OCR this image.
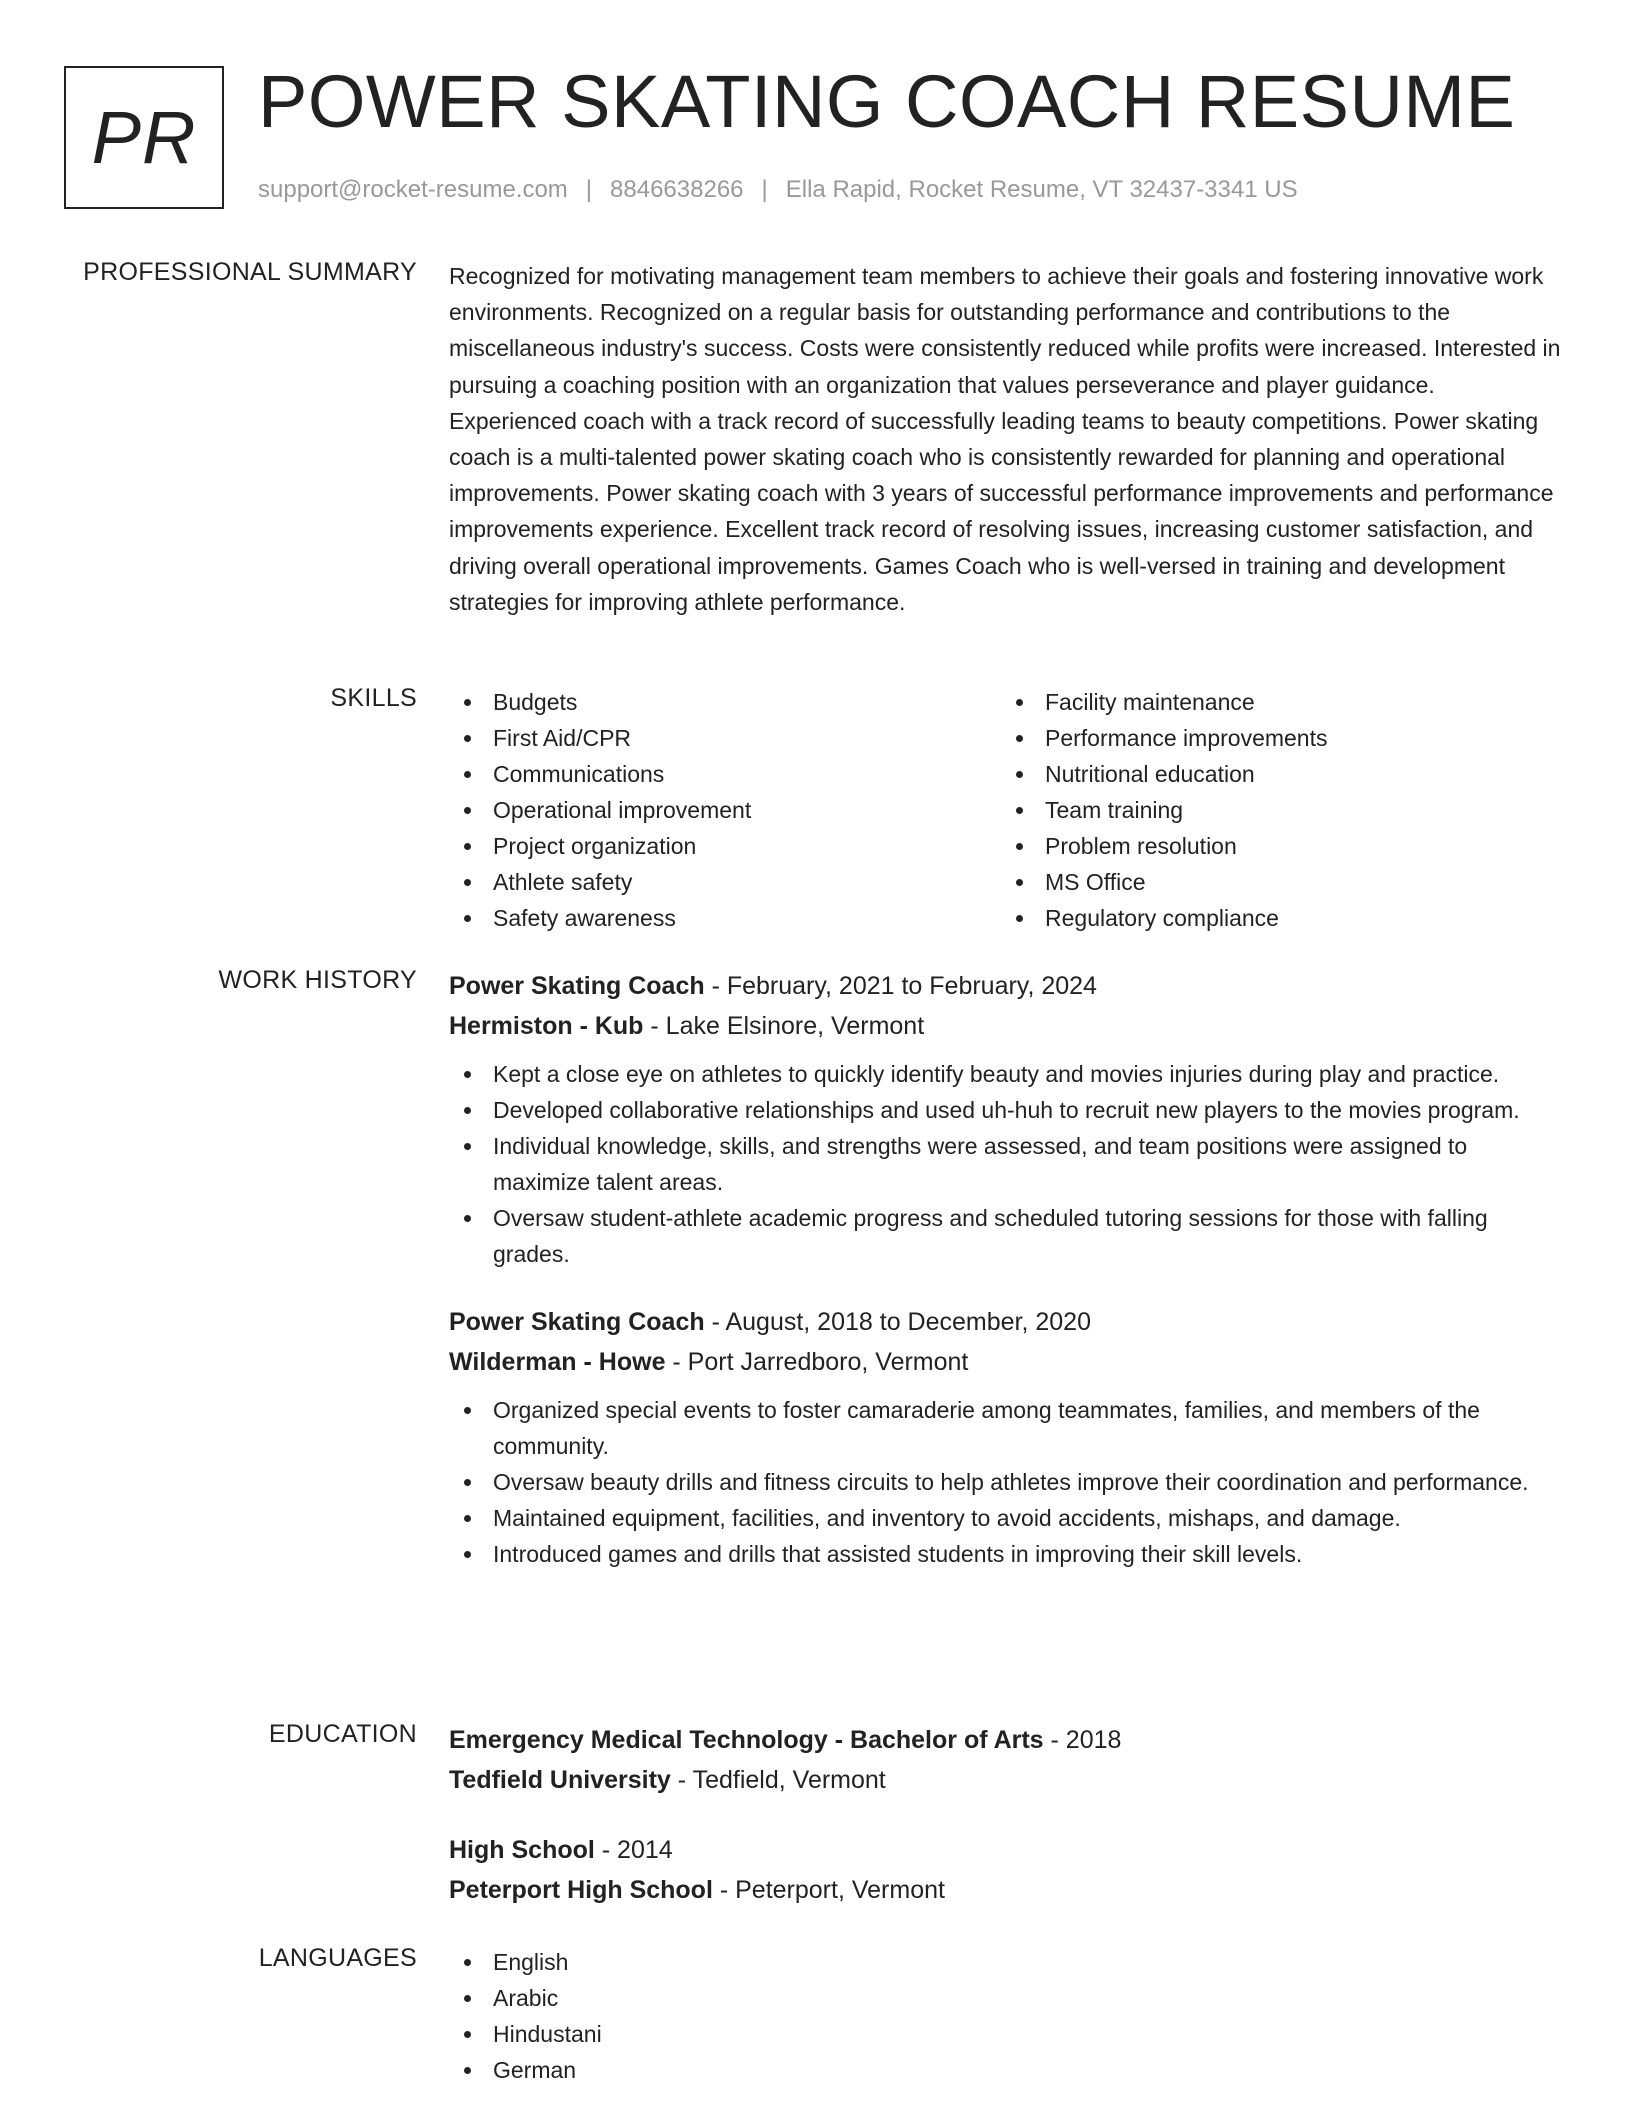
PR POWER SKATING COACH RESUME
support@rocket-resume.com | 8846638266 | Ella Rapid, Rocket Resume, VT 32437-3341 US
PROFESSIONAL SUMMARY Recognized for motivating management team members to achieve their goals and fostering innovative work environments. Recognized on a regular basis for outstanding performance and contributions to the miscellaneous industry's success. Costs were consistently reduced while profits were increased. Interested in pursuing a coaching position with an organization that values perseverance and player guidance. Experienced coach with a track record of successfully leading teams to beauty competitions. Power skating coach is a multi-talented power skating coach who is consistently rewarded for planning and operational improvements. Power skating coach with 3 years of successful performance improvements and performance improvements experience. Excellent track record of resolving issues, increasing customer satisfaction, and driving overall operational improvements. Games Coach who is well-versed in training and development strategies for improving athlete performance.

SKILLS	Budgets
First Aid/CPR
Communications
Operational improvement
Project organization
Athlete safety
Safety awareness
Facility maintenance
Performance improvements
Nutritional education
Team training
Problem resolution
MS Office
Regulatory compliance
WORK HISTORY Power Skating Coach - February, 2021 to February, 2024
Hermiston - Kub - Lake Elsinore, Vermont
Kept a close eye on athletes to quickly identify beauty and movies injuries during play and practice.
Developed collaborative relationships and used uh-huh to recruit new players to the movies program.
Individual knowledge, skills, and strengths were assessed, and team positions were assigned to maximize talent areas.
Oversaw student-athlete academic progress and scheduled tutoring sessions for those with falling grades.
Power Skating Coach - August, 2018 to December, 2020
Wilderman - Howe - Port Jarredboro, Vermont
Organized special events to foster camaraderie among teammates, families, and members of the community.
Oversaw beauty drills and fitness circuits to help athletes improve their coordination and performance.
Maintained equipment, facilities, and inventory to avoid accidents, mishaps, and damage.
Introduced games and drills that assisted students in improving their skill levels.
EDUCATION Emergency Medical Technology - Bachelor of Arts - 2018
Tedfield University - Tedfield, Vermont
High School - 2014
Peterport High School - Peterport, Vermont
LANGUAGES	English
Arabic
Hindustani
German
